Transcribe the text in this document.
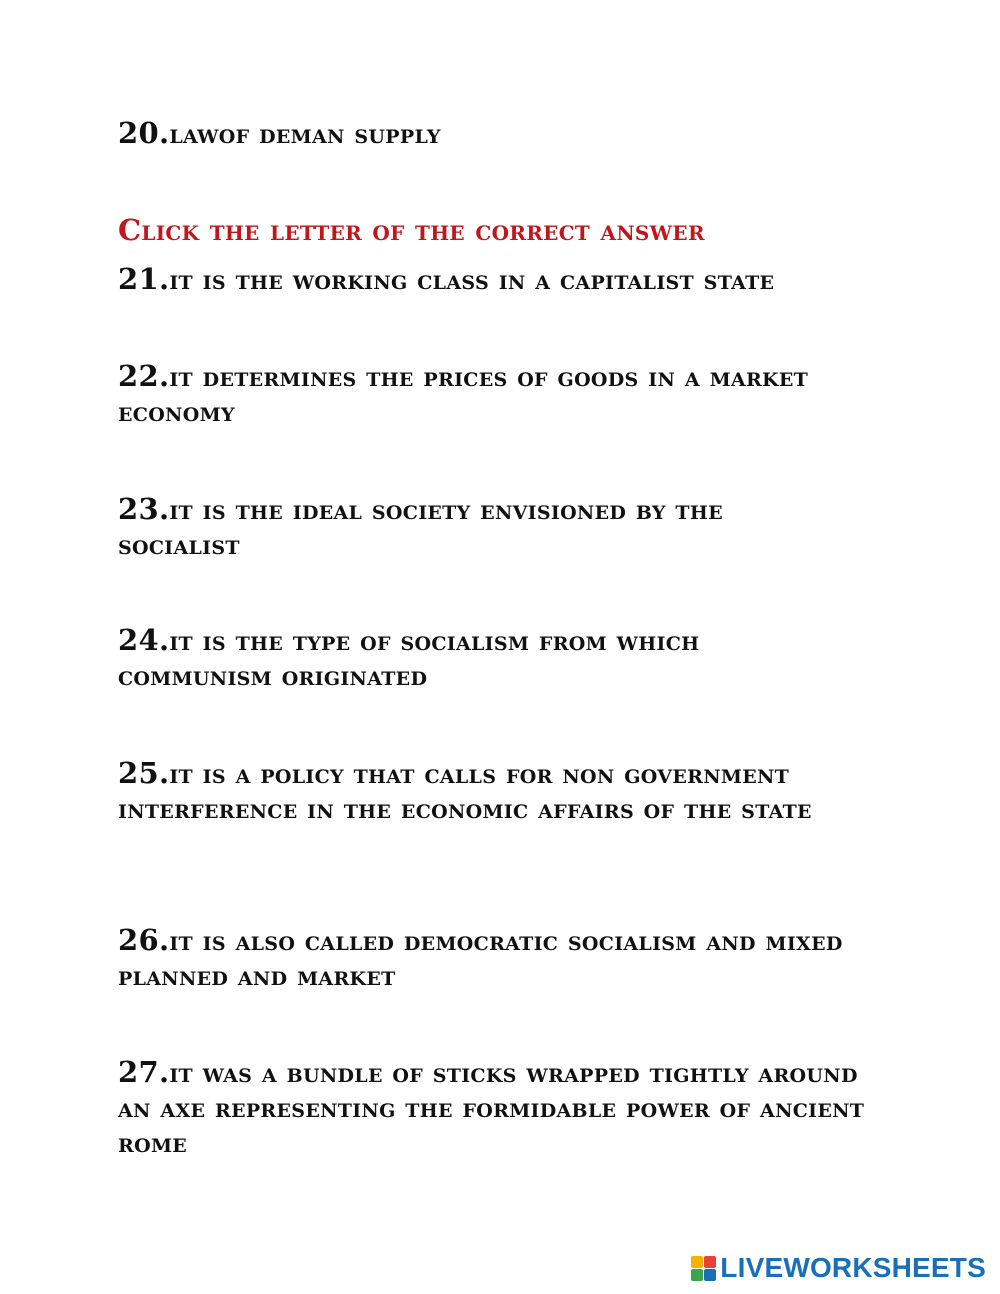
20.lawof deman supply
Click the letter of the correct answer
21.it is the working class in a capitalist state
22.it determines the prices of goods in a market economy
23.it is the ideal society envisioned by the socialist
24.it is the type of socialism from which communism originated
25.it is a policy that calls for non government interference in the economic affairs of the state
26.it is also called democratic socialism and mixed planned and market
27.it was a bundle of sticks wrapped tightly around an axe representing the formidable power of ancient rome
LIVEWORKSHEETS
